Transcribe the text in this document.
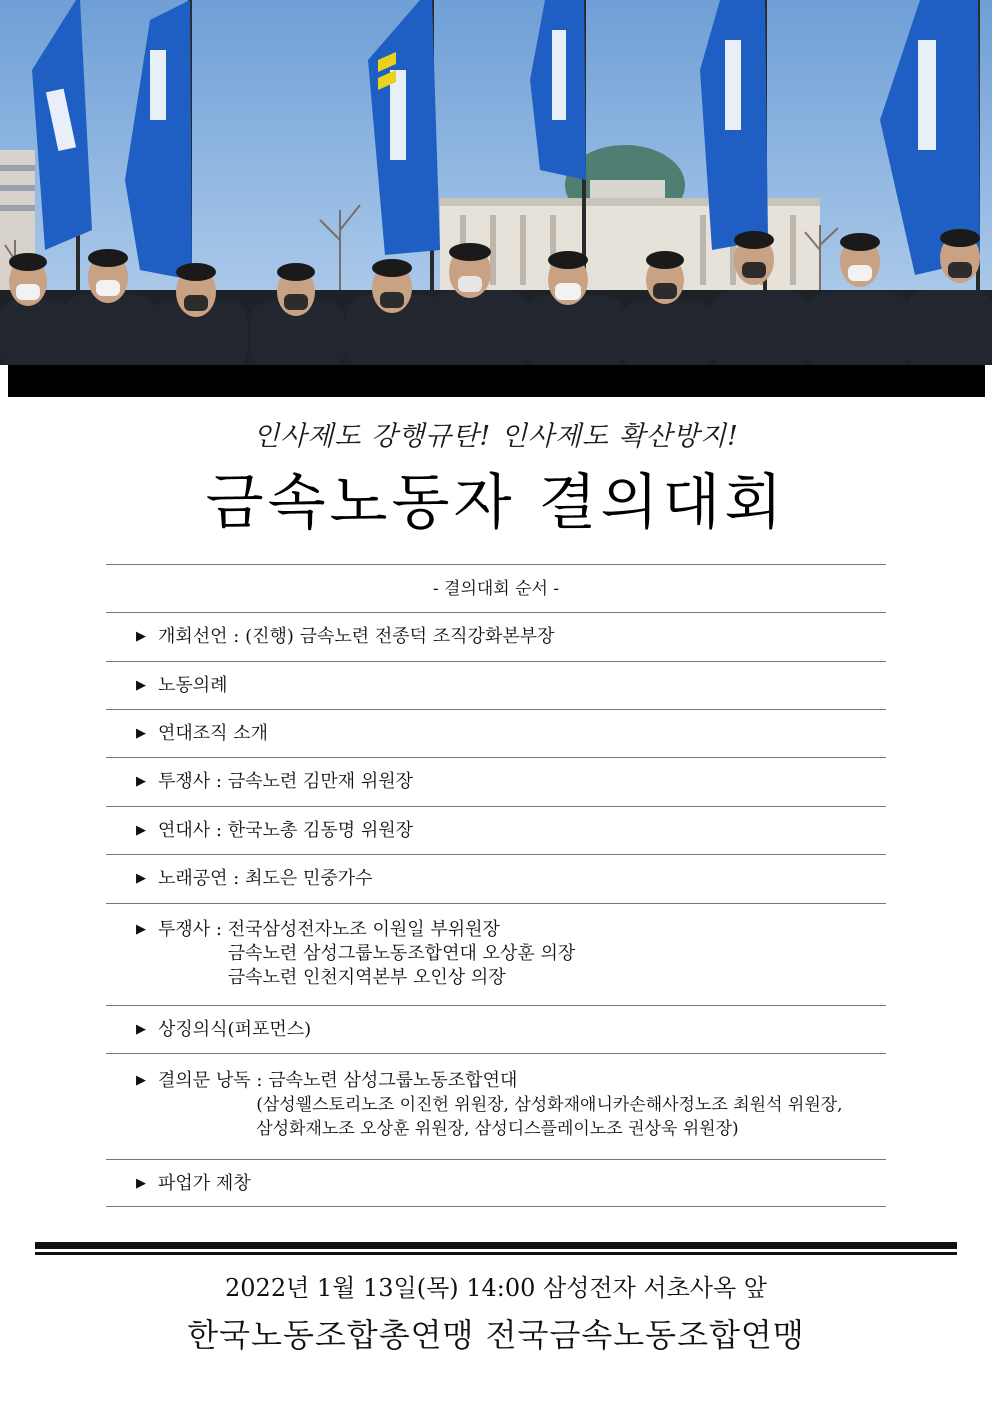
인사제도 강행규탄! 인사제도 확산방지!
금속노동자 결의대회
- 결의대회 순서 -
▶ 개회선언 : (진행) 금속노련 전종덕 조직강화본부장
▶ 노동의례
▶ 연대조직 소개
▶ 투쟁사 : 금속노련 김만재 위원장
▶ 연대사 : 한국노총 김동명 위원장
▶ 노래공연 : 최도은 민중가수
▶ 투쟁사 : 전국삼성전자노조 이원일 부위원장
금속노련 삼성그룹노동조합연대 오상훈 의장
금속노련 인천지역본부 오인상 의장
▶ 상징의식(퍼포먼스)
▶ 결의문 낭독 : 금속노련 삼성그룹노동조합연대
(삼성웰스토리노조 이진헌 위원장, 삼성화재애니카손해사정노조 최원석 위원장,
삼성화재노조 오상훈 위원장, 삼성디스플레이노조 권상욱 위원장)
▶ 파업가 제창
2022년 1월 13일(목) 14:00 삼성전자 서초사옥 앞
한국노동조합총연맹 전국금속노동조합연맹
